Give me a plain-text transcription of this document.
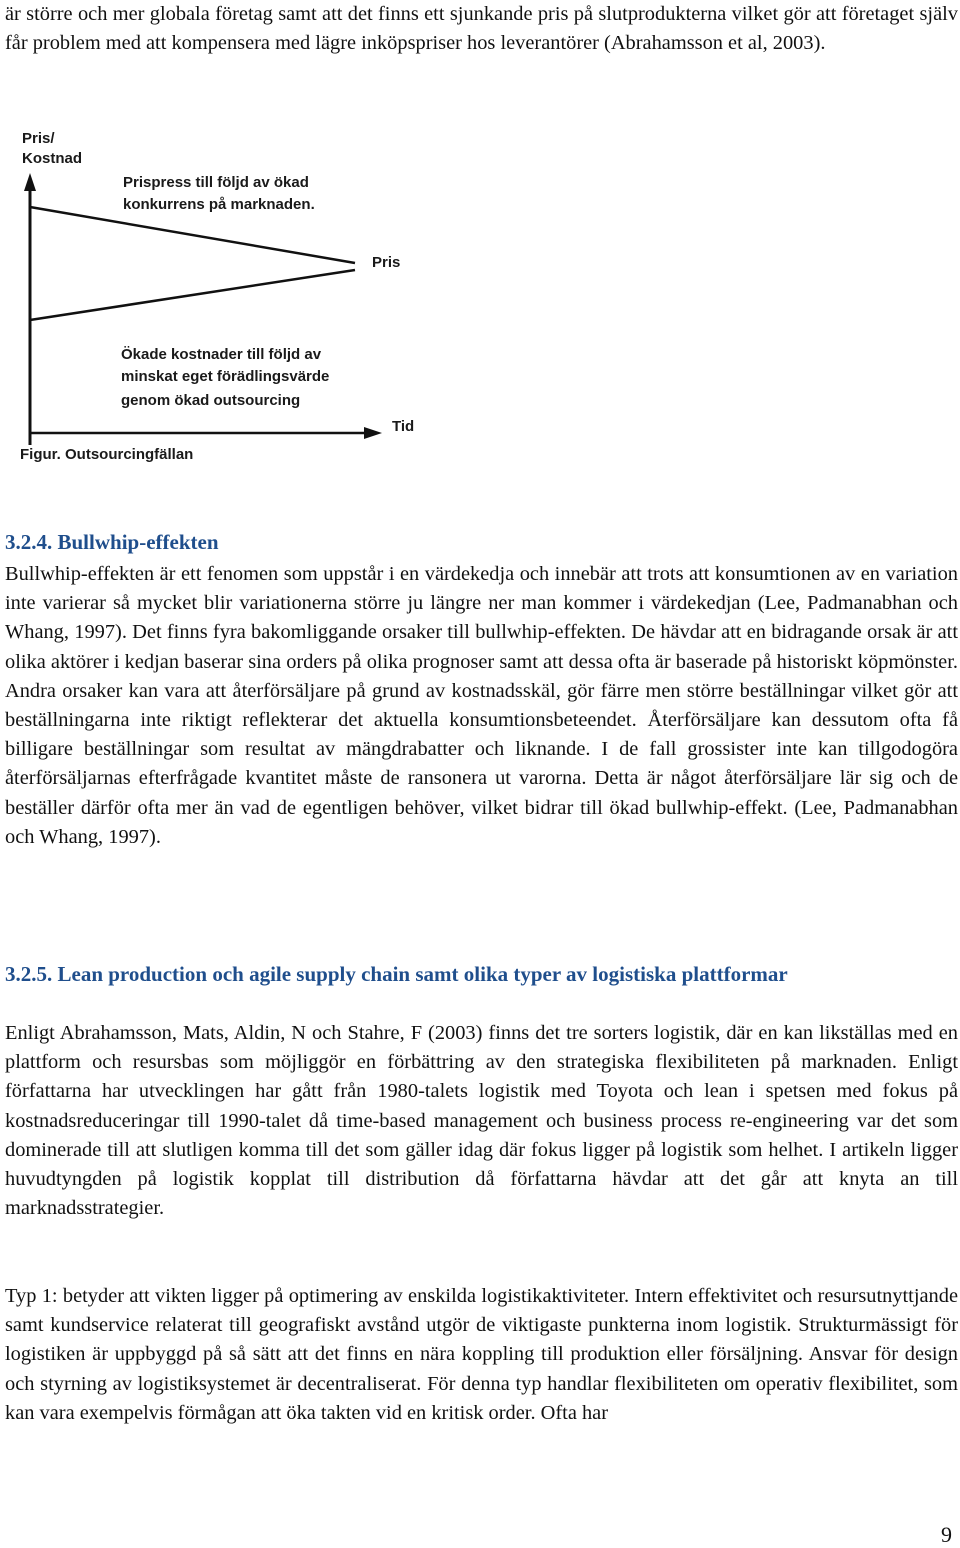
är större och mer globala företag samt att det finns ett sjunkande pris på slutprodukterna vilket gör att företaget själv får problem med att kompensera med lägre inköpspriser hos leverantörer (Abrahamsson et al, 2003).

Pris/
Kostnad
Prispress till följd av ökad
konkurrens på marknaden.
Pris
Ökade kostnader till följd av
minskat eget förädlingsvärde
genom ökad outsourcing
Tid
Figur. Outsourcingfällan
3.2.4. Bullwhip-effekten

Bullwhip-effekten är ett fenomen som uppstår i en värdekedja och innebär att trots att konsumtionen av en variation inte varierar så mycket blir variationerna större ju längre ner man kommer i värdekedjan (Lee, Padmanabhan och Whang, 1997). Det finns fyra bakomliggande orsaker till bullwhip-effekten. De hävdar att en bidragande orsak är att olika aktörer i kedjan baserar sina orders på olika prognoser samt att dessa ofta är baserade på historiskt köpmönster. Andra orsaker kan vara att återförsäljare på grund av kostnadsskäl, gör färre men större beställningar vilket gör att beställningarna inte riktigt reflekterar det aktuella konsumtionsbeteendet. Återförsäljare kan dessutom ofta få billigare beställningar som resultat av mängdrabatter och liknande. I de fall grossister inte kan tillgodogöra återförsäljarnas efterfrågade kvantitet måste de ransonera ut varorna. Detta är något återförsäljare lär sig och de beställer därför ofta mer än vad de egentligen behöver, vilket bidrar till ökad bullwhip-effekt. (Lee, Padmanabhan och Whang, 1997).

3.2.5. Lean production och agile supply chain samt olika typer av logistiska plattformar

Enligt Abrahamsson, Mats, Aldin, N och Stahre, F (2003) finns det tre sorters logistik, där en kan likställas med en plattform och resursbas som möjliggör en förbättring av den strategiska flexibiliteten på marknaden. Enligt författarna har utvecklingen har gått från 1980-talets logistik med Toyota och lean i spetsen med fokus på kostnadsreduceringar till 1990-talet då time-based management och business process re-engineering var det som dominerade till att slutligen komma till det som gäller idag där fokus ligger på logistik som helhet. I artikeln ligger huvudtyngden på logistik kopplat till distribution då författarna hävdar att det går att knyta an till marknadsstrategier.

Typ 1: betyder att vikten ligger på optimering av enskilda logistikaktiviteter. Intern effektivitet och resursutnyttjande samt kundservice relaterat till geografiskt avstånd utgör de viktigaste punkterna inom logistik. Strukturmässigt för logistiken är uppbyggd på så sätt att det finns en nära koppling till produktion eller försäljning. Ansvar för design och styrning av logistiksystemet är decentraliserat. För denna typ handlar flexibiliteten om operativ flexibilitet, som kan vara exempelvis förmågan att öka takten vid en kritisk order. Ofta har

9
